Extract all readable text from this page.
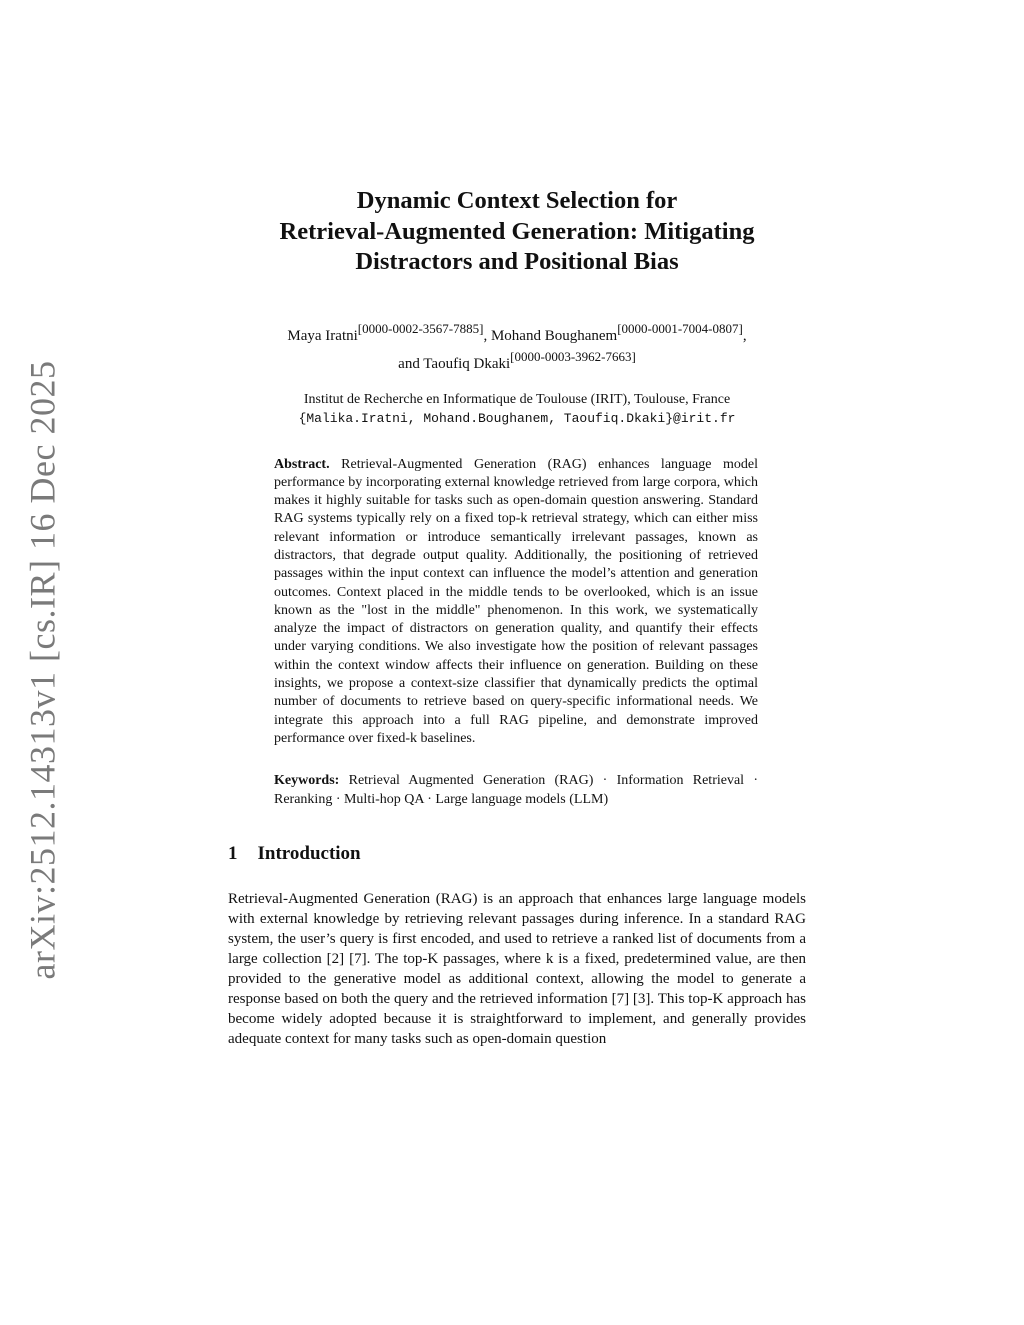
arXiv:2512.14313v1 [cs.IR] 16 Dec 2025
Dynamic Context Selection for
Retrieval-Augmented Generation: Mitigating
Distractors and Positional Bias
Maya Iratni[0000-0002-3567-7885], Mohand Boughanem[0000-0001-7004-0807],
and Taoufiq Dkaki[0000-0003-3962-7663]
Institut de Recherche en Informatique de Toulouse (IRIT), Toulouse, France
{Malika.Iratni, Mohand.Boughanem, Taoufiq.Dkaki}@irit.fr
Abstract. Retrieval-Augmented Generation (RAG) enhances language model performance by incorporating external knowledge retrieved from large corpora, which makes it highly suitable for tasks such as open-domain question answering. Standard RAG systems typically rely on a fixed top-k retrieval strategy, which can either miss relevant information or introduce semantically irrelevant passages, known as distractors, that degrade output quality. Additionally, the positioning of retrieved passages within the input context can influence the model’s attention and generation outcomes. Context placed in the middle tends to be overlooked, which is an issue known as the "lost in the middle" phenomenon. In this work, we systematically analyze the impact of distractors on generation quality, and quantify their effects under varying conditions. We also investigate how the position of relevant passages within the context window affects their influence on generation. Building on these insights, we propose a context-size classifier that dynamically predicts the optimal number of documents to retrieve based on query-specific informational needs. We integrate this approach into a full RAG pipeline, and demonstrate improved performance over fixed-k baselines.
Keywords: Retrieval Augmented Generation (RAG) · Information Retrieval · Reranking · Multi-hop QA · Large language models (LLM)
1 Introduction

Retrieval-Augmented Generation (RAG) is an approach that enhances large language models with external knowledge by retrieving relevant passages during inference. In a standard RAG system, the user’s query is first encoded, and used to retrieve a ranked list of documents from a large collection [2] [7]. The top-K passages, where k is a fixed, predetermined value, are then provided to the generative model as additional context, allowing the model to generate a response based on both the query and the retrieved information [7] [3]. This top-K approach has become widely adopted because it is straightforward to implement, and generally provides adequate context for many tasks such as open-domain question
